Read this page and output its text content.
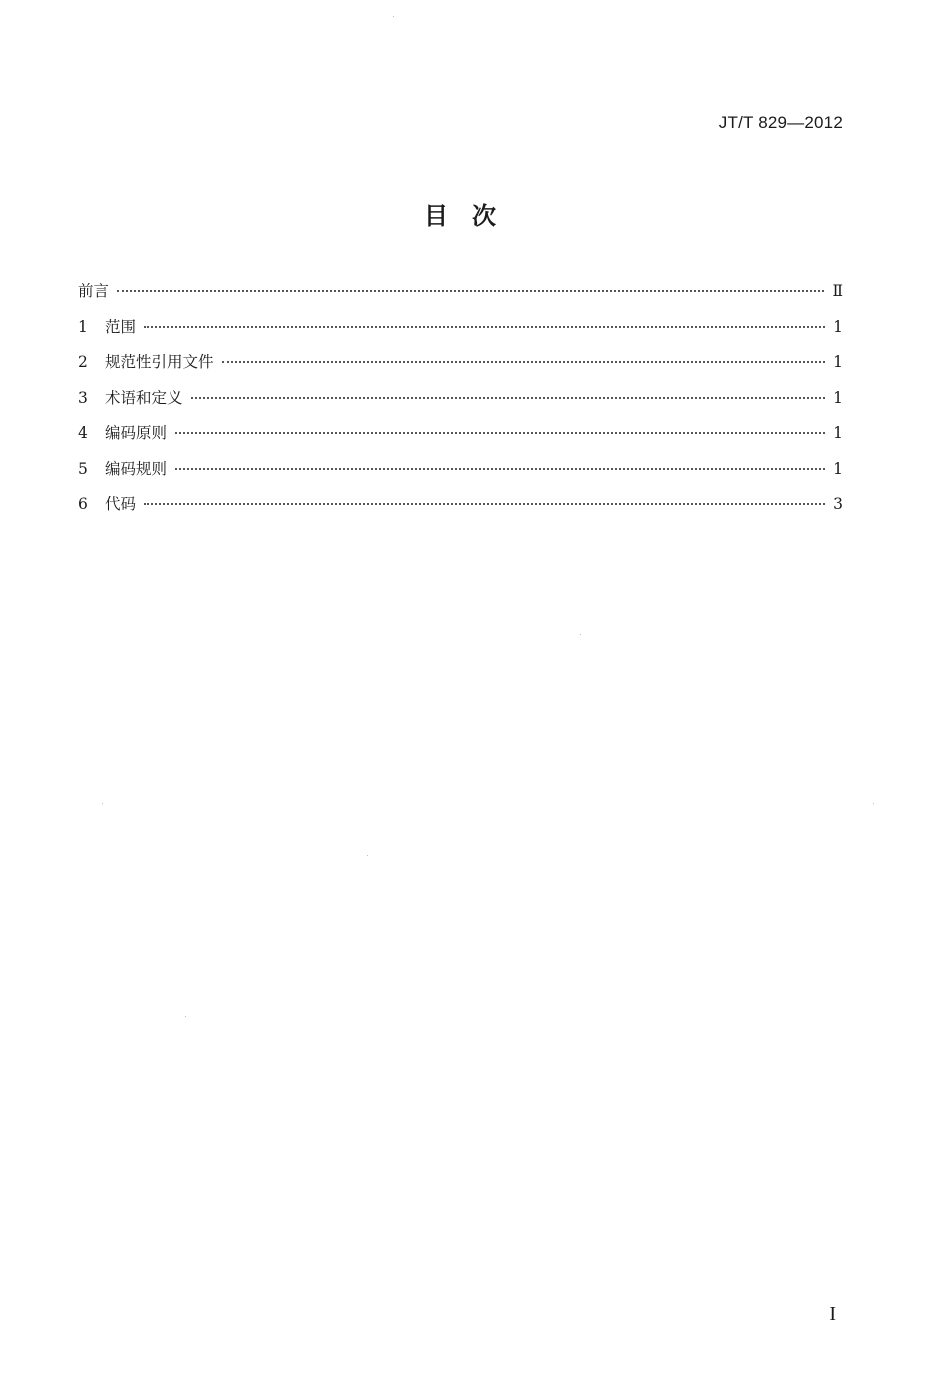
JT/T 829—2012
目　次
前言	Ⅱ
1	范围	1
2	规范性引用文件	1
3	术语和定义	1
4	编码原则	1
5	编码规则	1
6	代码	3
I
